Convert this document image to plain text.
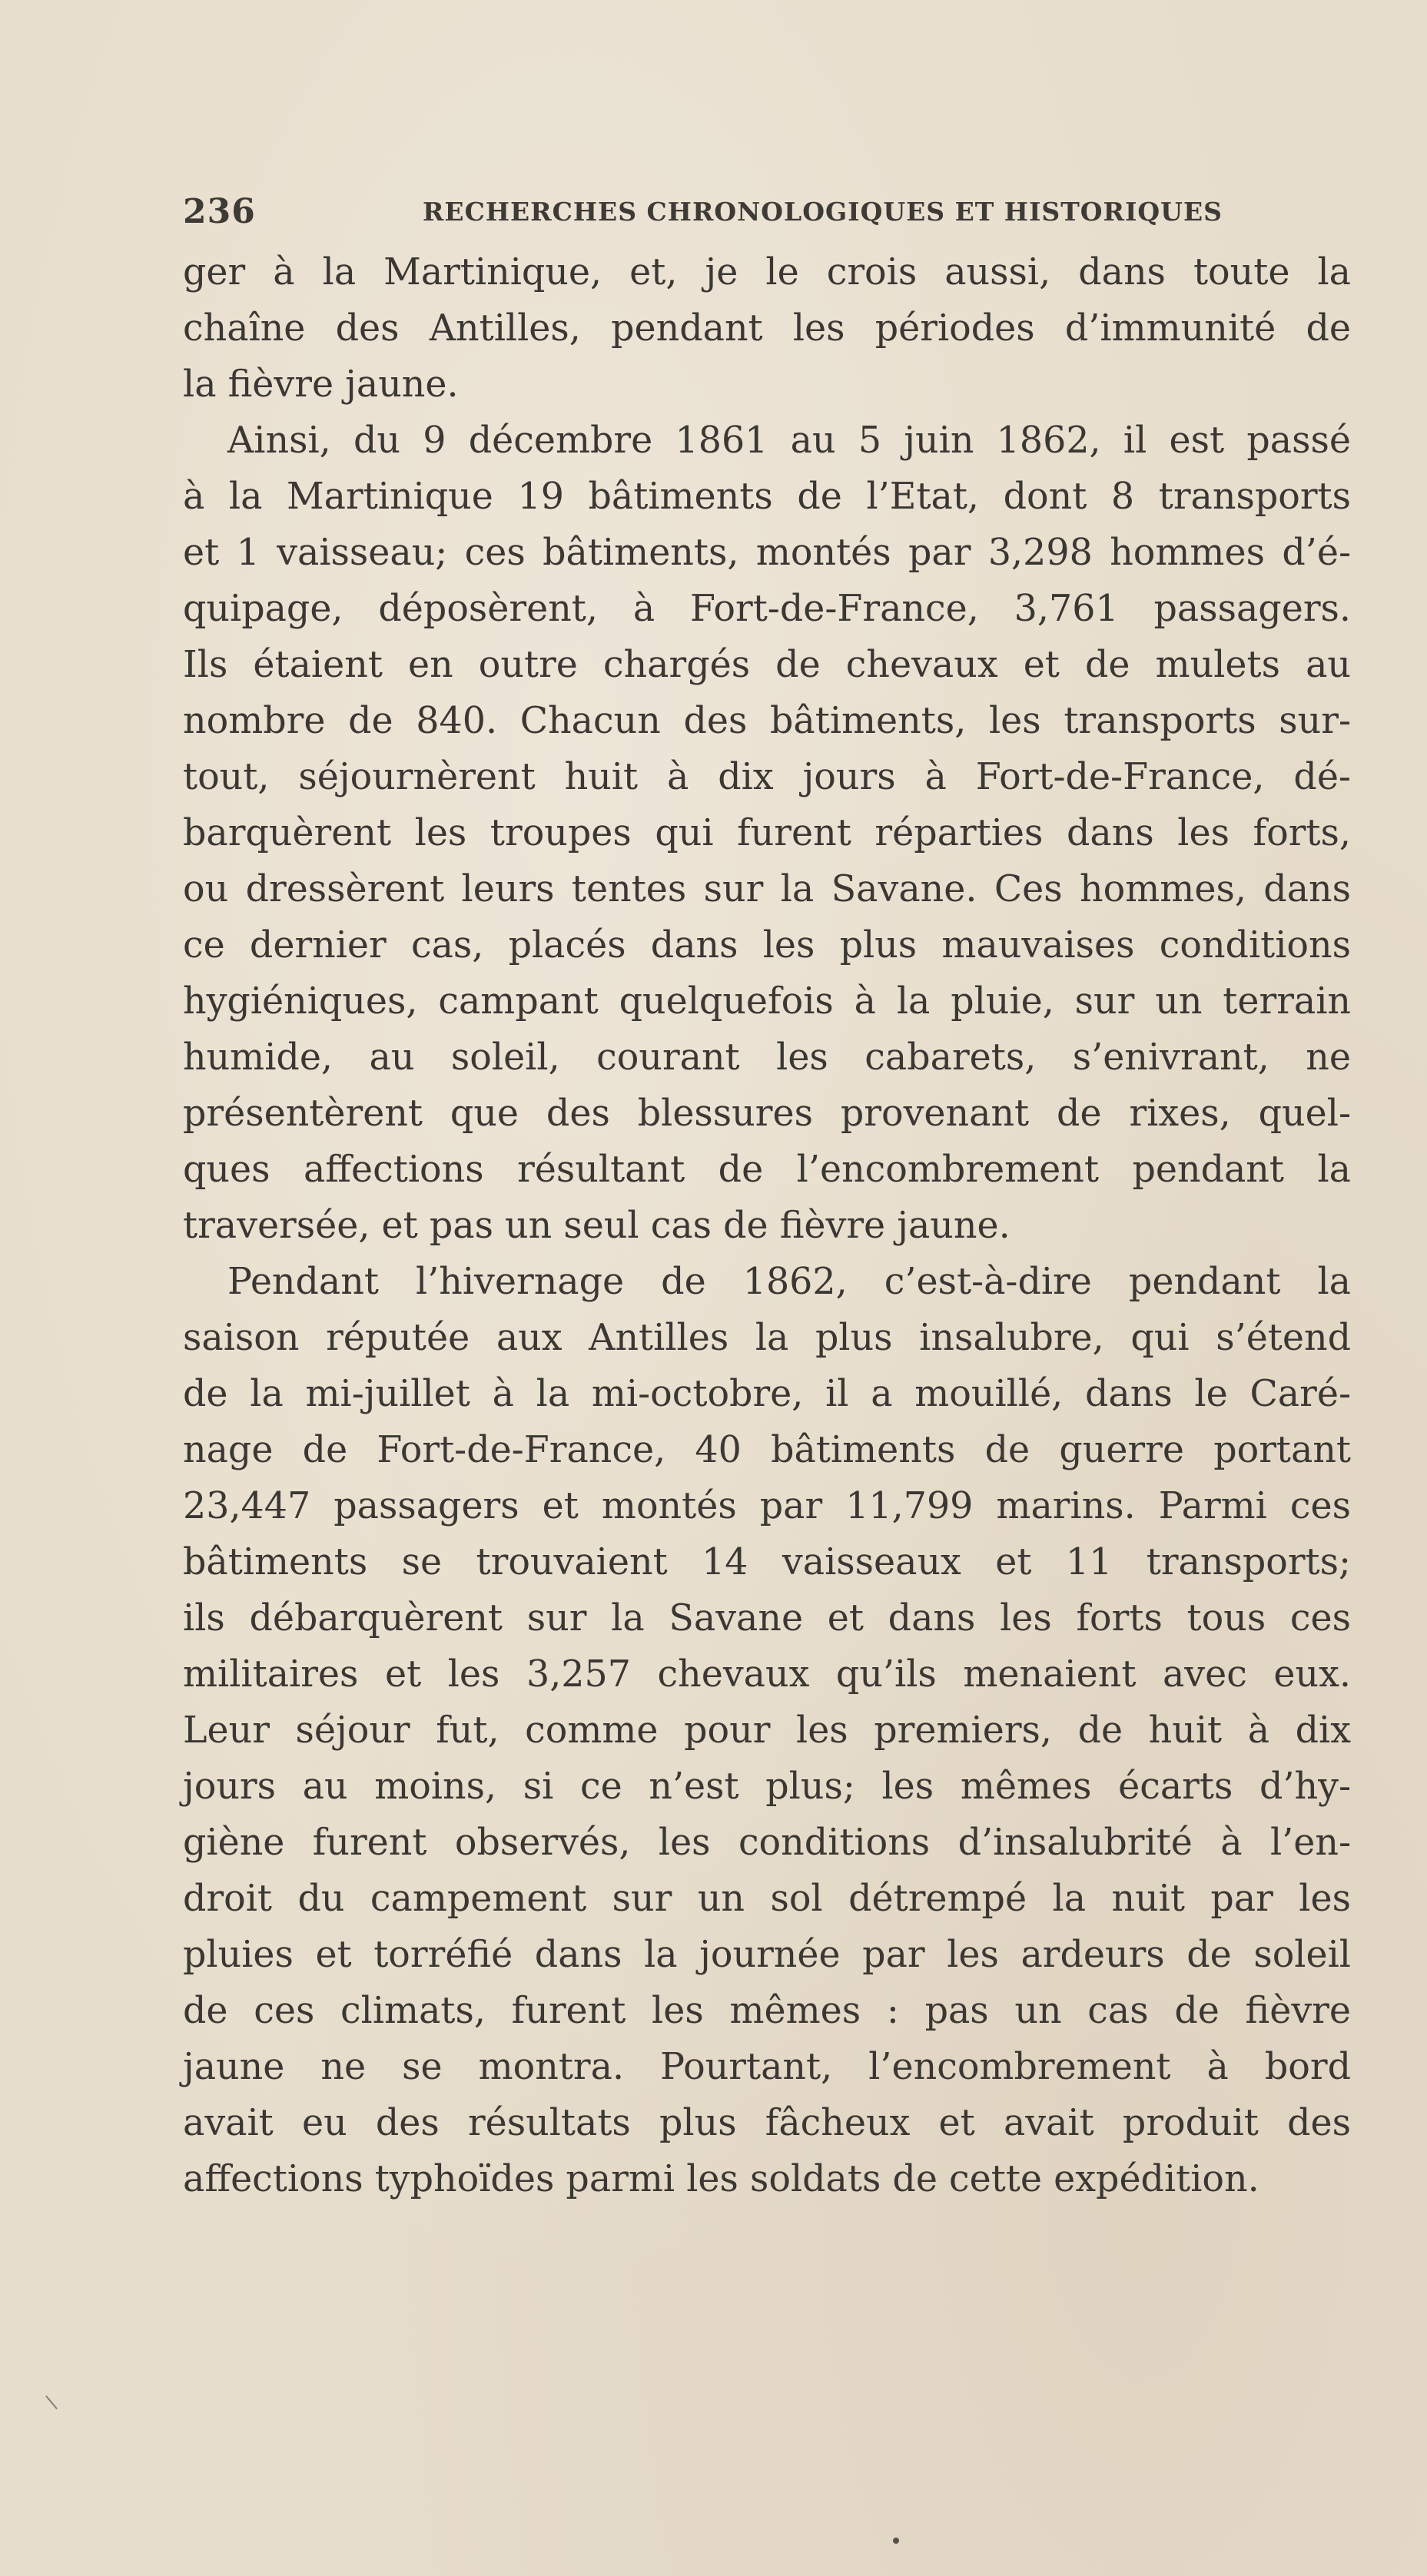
236	RECHERCHES CHRONOLOGIQUES ET HISTORIQUES
ger à la Martinique, et, je le crois aussi, dans toute la
chaîne des Antilles, pendant les périodes d’immunité de
la fièvre jaune.
Ainsi, du 9 décembre 1861 au 5 juin 1862, il est passé
à la Martinique 19 bâtiments de l’Etat, dont 8 transports
et 1 vaisseau; ces bâtiments, montés par 3,298 hommes d’é-
quipage, déposèrent, à Fort-de-France, 3,761 passagers.
Ils étaient en outre chargés de chevaux et de mulets au
nombre de 840. Chacun des bâtiments, les transports sur-
tout, séjournèrent huit à dix jours à Fort-de-France, dé-
barquèrent les troupes qui furent réparties dans les forts,
ou dressèrent leurs tentes sur la Savane. Ces hommes, dans
ce dernier cas, placés dans les plus mauvaises conditions
hygiéniques, campant quelquefois à la pluie, sur un terrain
humide, au soleil, courant les cabarets, s’enivrant, ne
présentèrent que des blessures provenant de rixes, quel-
ques affections résultant de l’encombrement pendant la
traversée, et pas un seul cas de fièvre jaune.
Pendant l’hivernage de 1862, c’est-à-dire pendant la
saison réputée aux Antilles la plus insalubre, qui s’étend
de la mi-juillet à la mi-octobre, il a mouillé, dans le Caré-
nage de Fort-de-France, 40 bâtiments de guerre portant
23,447 passagers et montés par 11,799 marins. Parmi ces
bâtiments se trouvaient 14 vaisseaux et 11 transports;
ils débarquèrent sur la Savane et dans les forts tous ces
militaires et les 3,257 chevaux qu’ils menaient avec eux.
Leur séjour fut, comme pour les premiers, de huit à dix
jours au moins, si ce n’est plus; les mêmes écarts d’hy-
giène furent observés, les conditions d’insalubrité à l’en-
droit du campement sur un sol détrempé la nuit par les
pluies et torréfié dans la journée par les ardeurs de soleil
de ces climats, furent les mêmes : pas un cas de fièvre
jaune ne se montra. Pourtant, l’encombrement à bord
avait eu des résultats plus fâcheux et avait produit des
affections typhoïdes parmi les soldats de cette expédition.
